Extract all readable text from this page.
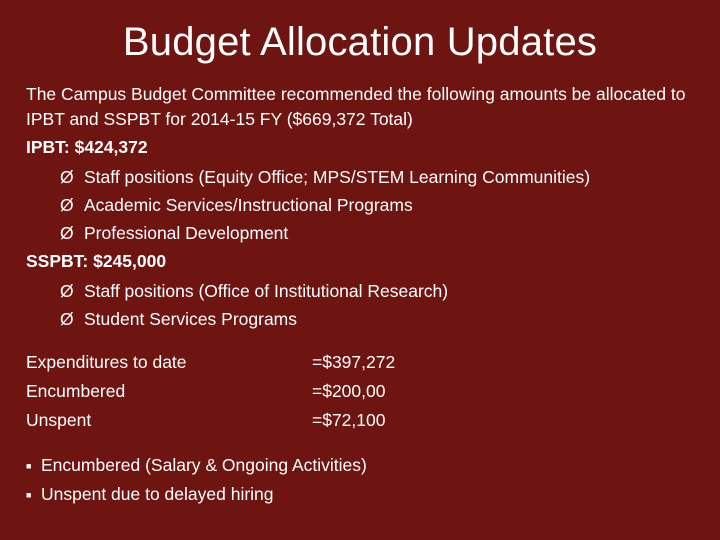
Budget Allocation Updates
The Campus Budget Committee recommended the following amounts be allocated to IPBT and SSPBT for 2014-15 FY ($669,372 Total)
IPBT: $424,372
Ø Staff positions (Equity Office; MPS/STEM Learning Communities)
Ø Academic Services/Instructional Programs
Ø Professional Development
SSPBT: $245,000
Ø Staff positions (Office of Institutional Research)
Ø Student Services Programs
Expenditures to date	=$397,272
Encumbered	=$200,00
Unspent	=$72,100
■ Encumbered (Salary & Ongoing Activities)
■ Unspent due to delayed hiring
